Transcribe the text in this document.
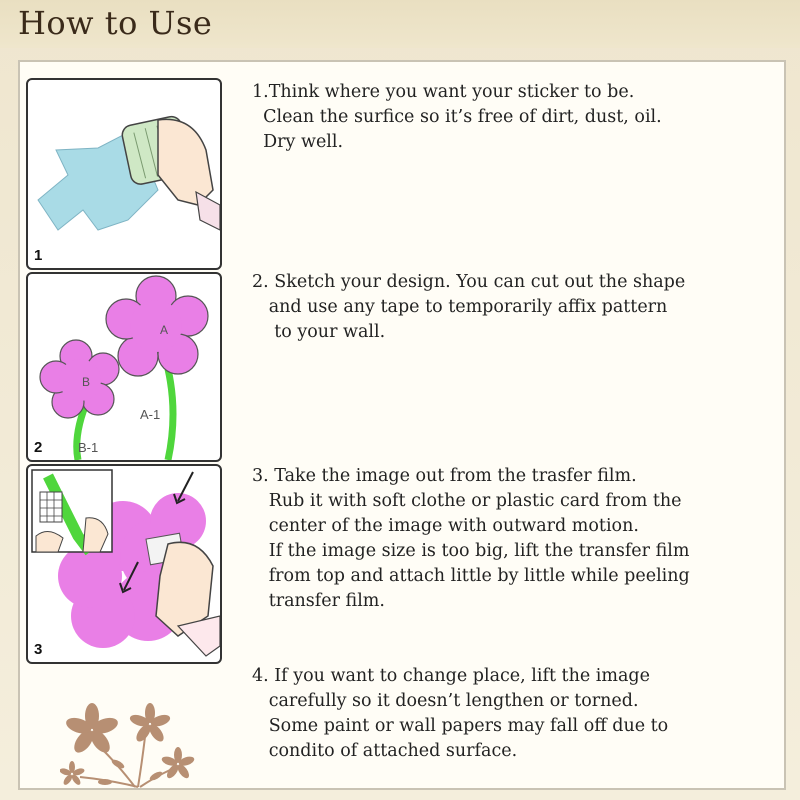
How to Use
1
A
B
A-1
B-1
2
3
1.Think where you want your sticker to be.
Clean the surfice so it’s free of dirt, dust, oil.
Dry well.
2. Sketch your design. You can cut out the shape
and use any tape to temporarily affix pattern
to your wall.
3. Take the image out from the trasfer film.
Rub it with soft clothe or plastic card from the
center of the image with outward motion.
If the image size is too big, lift the transfer film
from top and attach little by little while peeling
transfer film.
4. If you want to change place, lift the image
carefully so it doesn’t lengthen or torned.
Some paint or wall papers may fall off due to
condito of attached surface.
